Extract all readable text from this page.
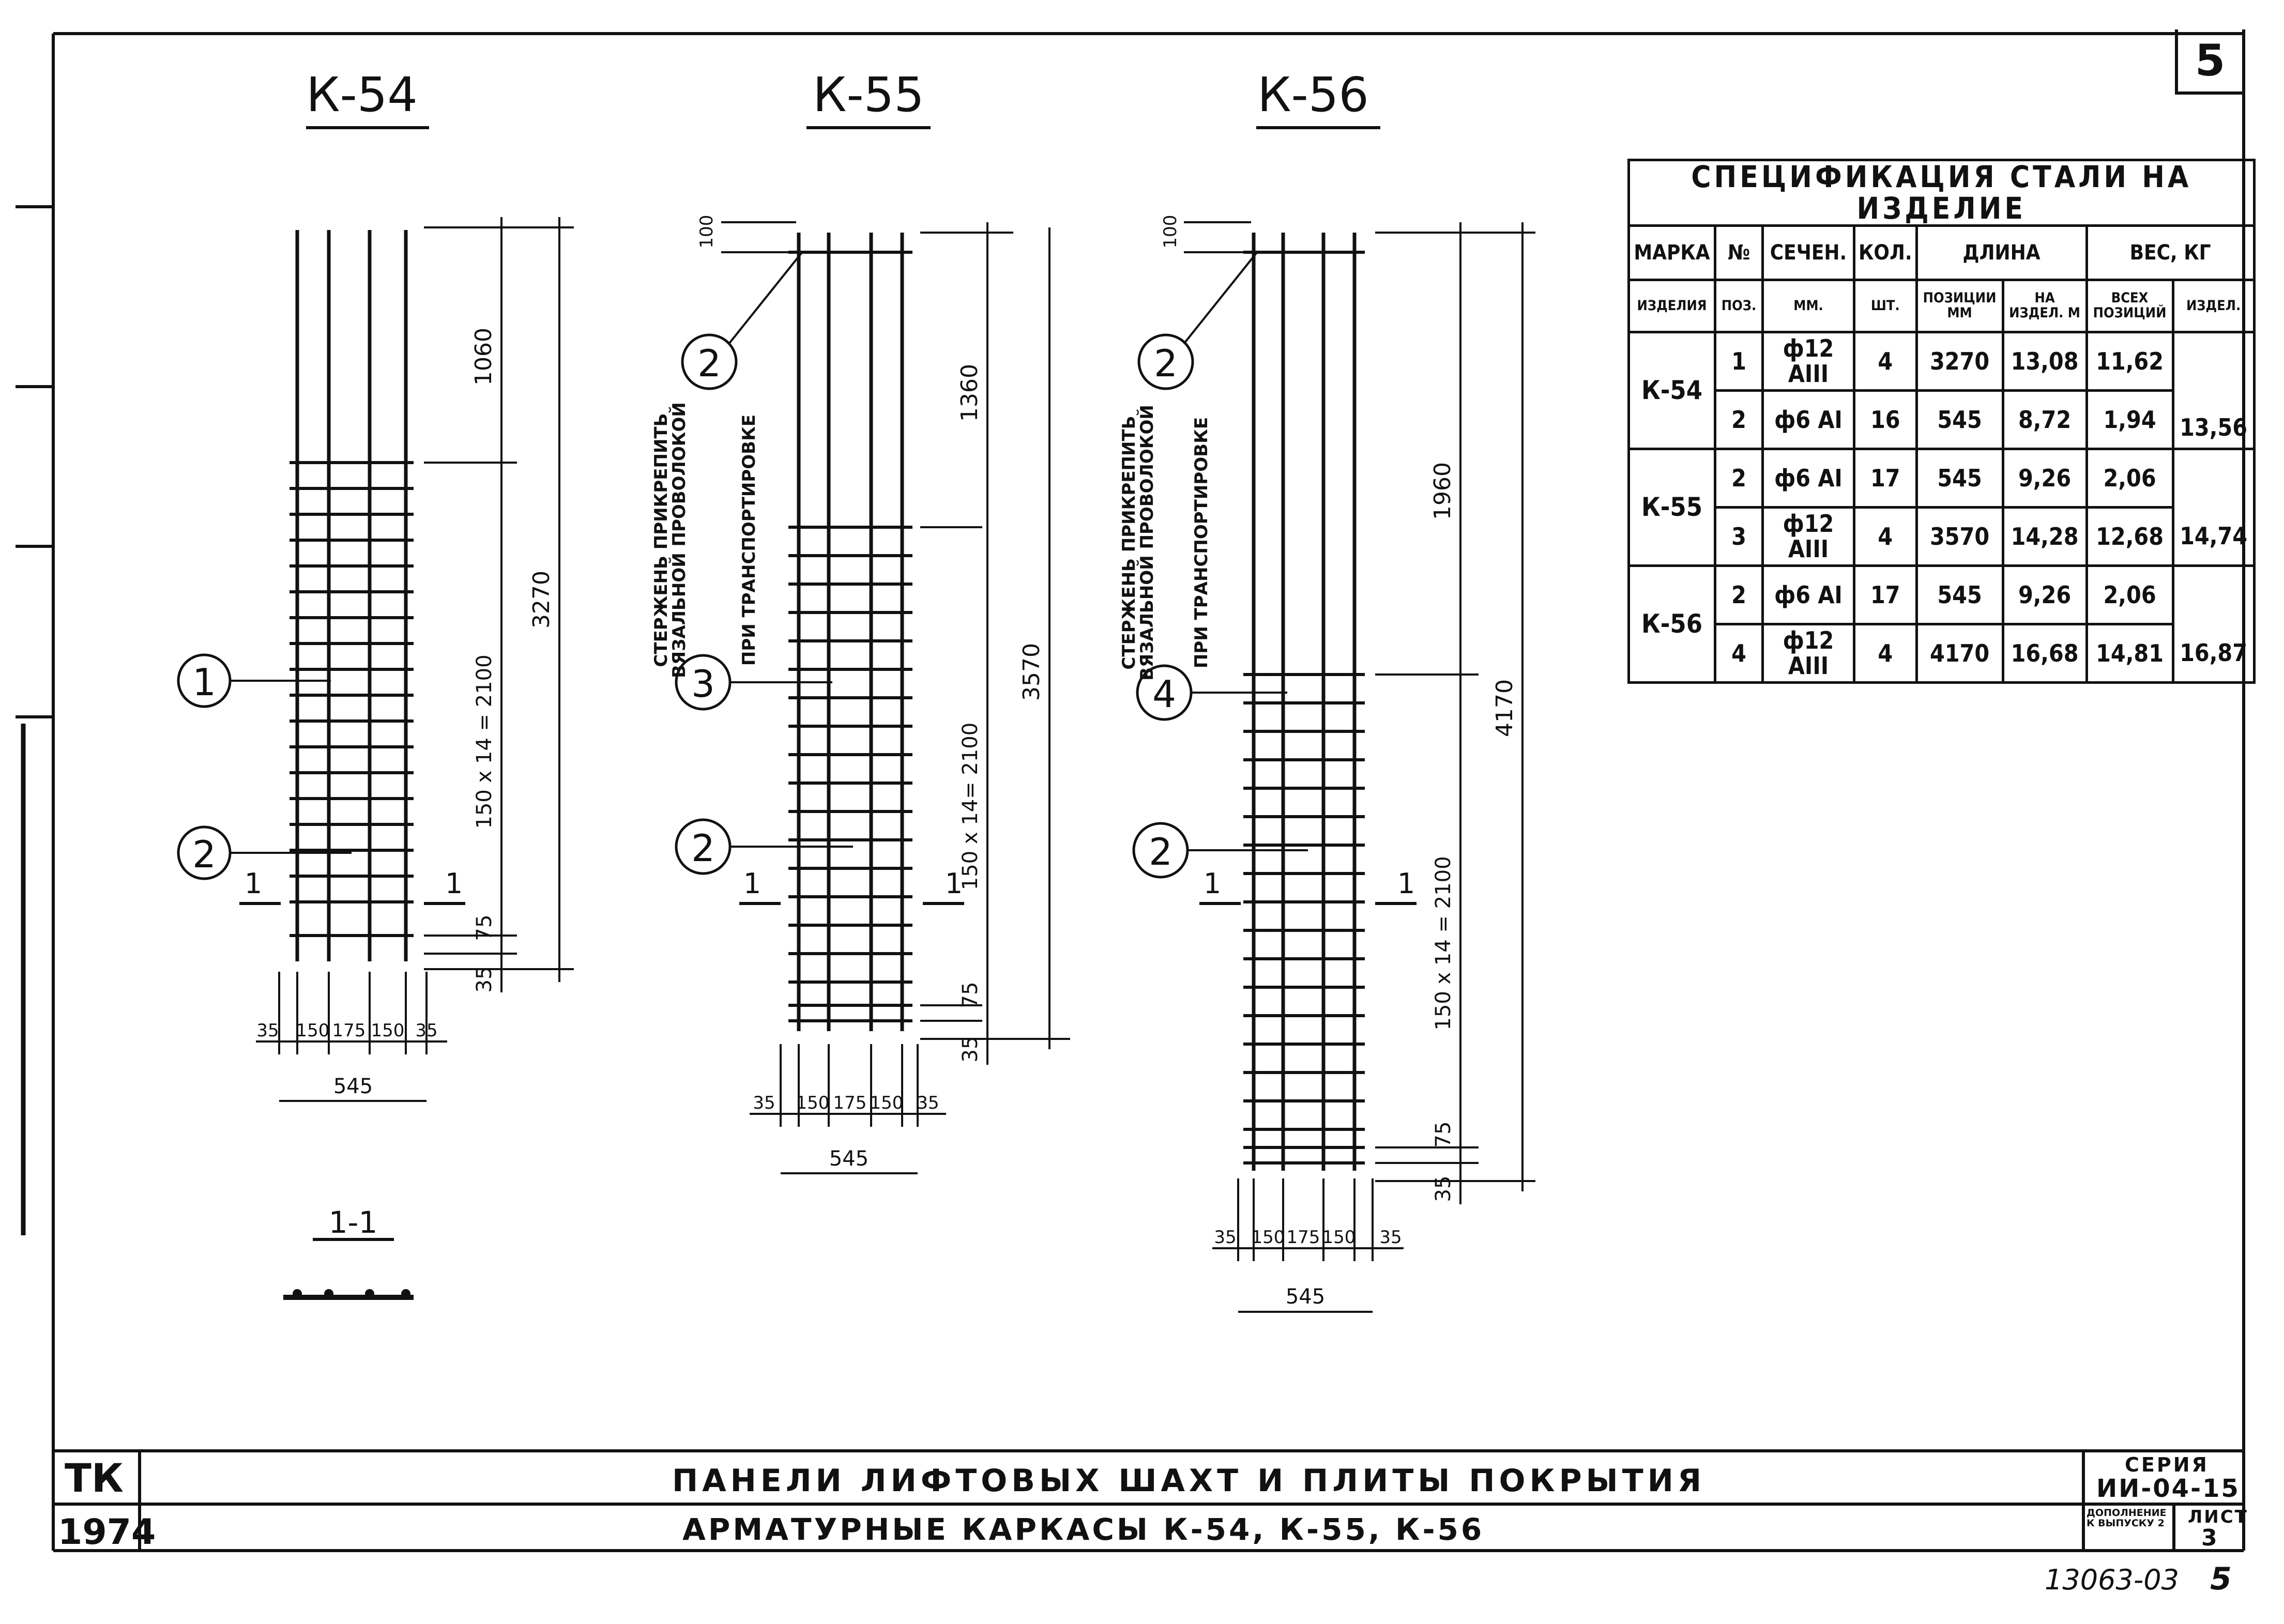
К-54
1
2
1	1
1060
3270
150 x 14 = 2100
75
35
35 150 175 150 35
545
1-1
К-55
100
2
СТЕРЖЕНЬ ПРИКРЕПИТЬ
ВЯЗАЛЬНОЙ ПРОВОЛОКОЙ	ПРИ ТРАНСПОРТИРОВКЕ
3
2
1	1
1360
3570
150 x 14= 2100
75
35
35 150 175 150 35
545
К-56
100
2
СТЕРЖЕНЬ ПРИКРЕПИТЬ
ВЯЗАЛЬНОЙ ПРОВОЛОКОЙ ПРИ ТРАНСПОРТИРОВКЕ
4
2
1	1
1960
4170
150 x 14 = 2100
75
35
35 150 175 150 35
545
5
СПЕЦИФИКАЦИЯ СТАЛИ НА ИЗДЕЛИЕ							
МАРКА	№	СЕЧЕН.	КОЛ.	ДЛИНА		ВЕС, КГ	
ИЗДЕЛИЯ	ПОЗ.	ММ.	ШТ.	ПОЗИЦИИ ММ	НА ИЗДЕЛ. М	ВСЕХ ПОЗИЦИЙ	ИЗДЕЛ.
К-54	1	ф12 АIII	4	3270	13,08	11,62	13,56
	2	ф6 АI	16	545	8,72	1,94	
К-55	2	ф6 АI	17	545	9,26	2,06	14,74
	3	ф12 АIII	4	3570	14,28	12,68	
К-56	2	ф6 АI	17	545	9,26	2,06	16,87
	4	ф12 АIII	4	4170	16,68	14,81	
ТК
1974
ПАНЕЛИ ЛИФТОВЫХ ШАХТ И ПЛИТЫ ПОКРЫТИЯ
АРМАТУРНЫЕ КАРКАСЫ К-54, К-55, К-56
СЕРИЯ
ИИ-04-15
ДОПОЛНЕНИЕ К ВЫПУСКУ 2	ЛИСТ
3
13063-03 5
